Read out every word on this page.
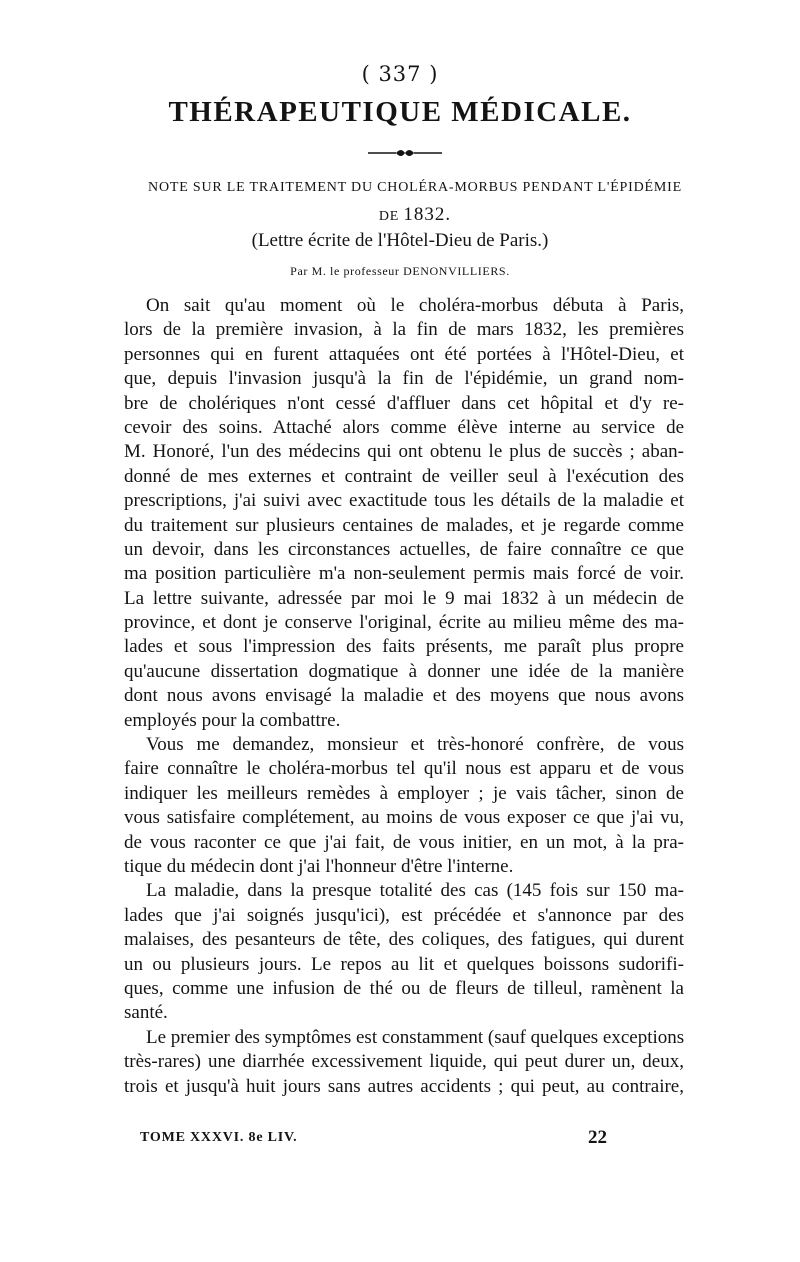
( 337 )
THÉRAPEUTIQUE MÉDICALE.
NOTE SUR LE TRAITEMENT DU CHOLÉRA-MORBUS PENDANT L'ÉPIDÉMIE
DE 1832.
(Lettre écrite de l'Hôtel-Dieu de Paris.)
Par M. le professeur DENONVILLIERS.
On sait qu'au moment où le choléra-morbus débuta à Paris,
lors de la première invasion, à la fin de mars 1832, les premières
personnes qui en furent attaquées ont été portées à l'Hôtel-Dieu, et
que, depuis l'invasion jusqu'à la fin de l'épidémie, un grand nom-
bre de cholériques n'ont cessé d'affluer dans cet hôpital et d'y re-
cevoir des soins. Attaché alors comme élève interne au service de
M. Honoré, l'un des médecins qui ont obtenu le plus de succès ; aban-
donné de mes externes et contraint de veiller seul à l'exécution des
prescriptions, j'ai suivi avec exactitude tous les détails de la maladie et
du traitement sur plusieurs centaines de malades, et je regarde comme
un devoir, dans les circonstances actuelles, de faire connaître ce que
ma position particulière m'a non-seulement permis mais forcé de voir.
La lettre suivante, adressée par moi le 9 mai 1832 à un médecin de
province, et dont je conserve l'original, écrite au milieu même des ma-
lades et sous l'impression des faits présents, me paraît plus propre
qu'aucune dissertation dogmatique à donner une idée de la manière
dont nous avons envisagé la maladie et des moyens que nous avons
employés pour la combattre.
Vous me demandez, monsieur et très-honoré confrère, de vous
faire connaître le choléra-morbus tel qu'il nous est apparu et de vous
indiquer les meilleurs remèdes à employer ; je vais tâcher, sinon de
vous satisfaire complétement, au moins de vous exposer ce que j'ai vu,
de vous raconter ce que j'ai fait, de vous initier, en un mot, à la pra-
tique du médecin dont j'ai l'honneur d'être l'interne.
La maladie, dans la presque totalité des cas (145 fois sur 150 ma-
lades que j'ai soignés jusqu'ici), est précédée et s'annonce par des
malaises, des pesanteurs de tête, des coliques, des fatigues, qui durent
un ou plusieurs jours. Le repos au lit et quelques boissons sudorifi-
ques, comme une infusion de thé ou de fleurs de tilleul, ramènent la
santé.
Le premier des symptômes est constamment (sauf quelques exceptions
très-rares) une diarrhée excessivement liquide, qui peut durer un, deux,
trois et jusqu'à huit jours sans autres accidents ; qui peut, au contraire,
TOME XXXVI. 8e LIV.	22
